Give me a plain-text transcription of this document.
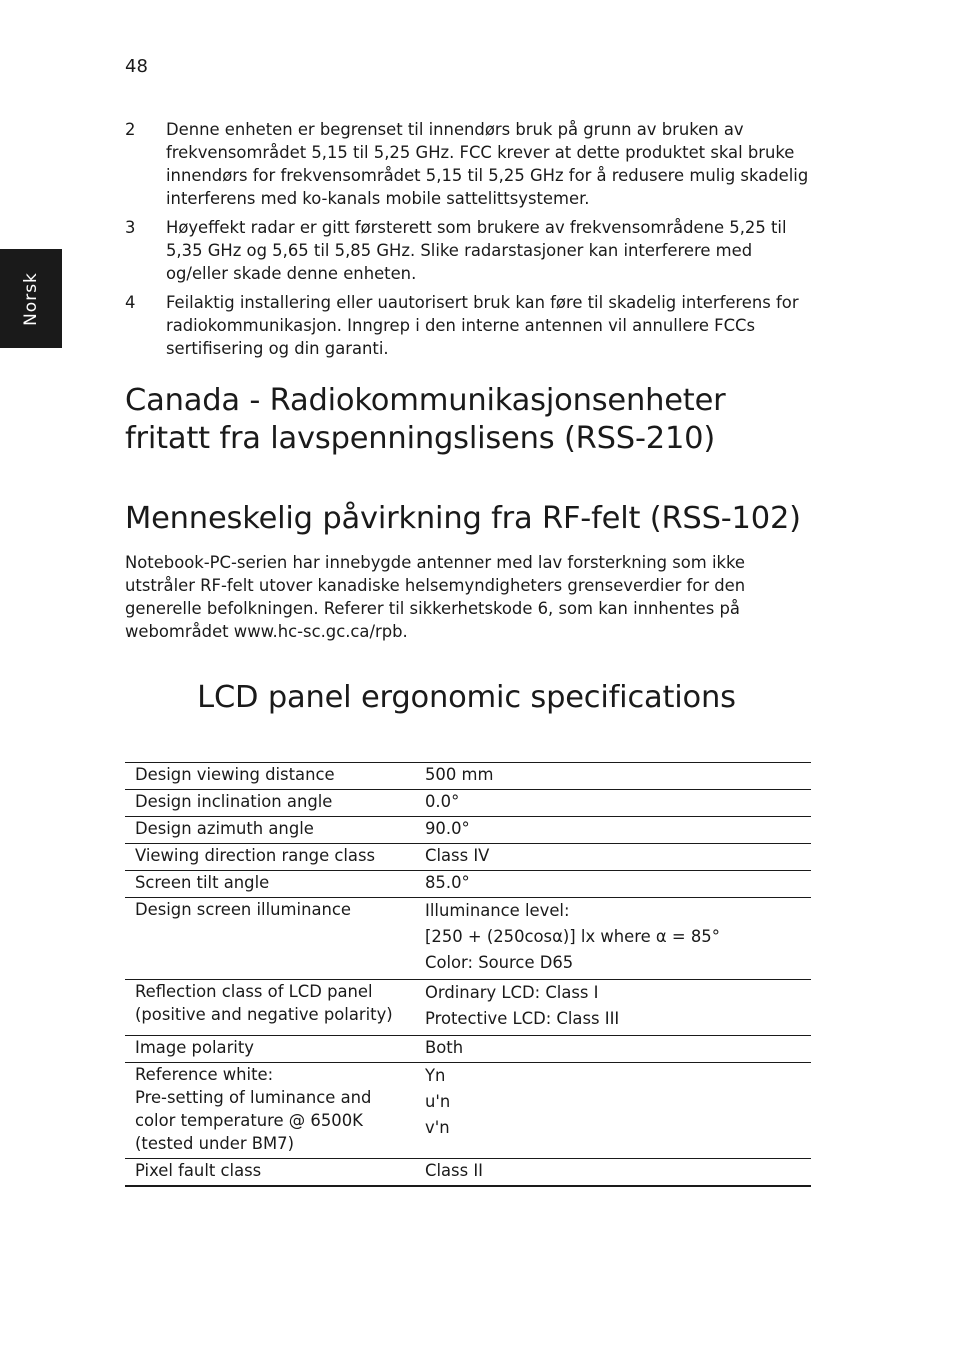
48
Norsk
2	Denne enheten er begrenset til innendørs bruk på grunn av bruken av frekvensområdet 5,15 til 5,25 GHz. FCC krever at dette produktet skal bruke innendørs for frekvensområdet 5,15 til 5,25 GHz for å redusere mulig skadelig interferens med ko-kanals mobile sattelittsystemer.
3	Høyeffekt radar er gitt førsterett som brukere av frekvensområdene 5,25 til 5,35 GHz og 5,65 til 5,85 GHz. Slike radarstasjoner kan interferere med og/eller skade denne enheten.
4	Feilaktig installering eller uautorisert bruk kan føre til skadelig interferens for radiokommunikasjon. Inngrep i den interne antennen vil annullere FCCs sertifisering og din garanti.
Canada - Radiokommunikasjonsenheter
fritatt fra lavspenningslisens (RSS-210)
Menneskelig påvirkning fra RF-felt (RSS-102)

Notebook-PC-serien har innebygde antenner med lav forsterkning som ikke utstråler RF-felt utover kanadiske helsemyndigheters grenseverdier for den generelle befolkningen. Referer til sikkerhetskode 6, som kan innhentes på webområdet www.hc-sc.gc.ca/rpb.

LCD panel ergonomic specifications
Design viewing distance	500 mm

Design inclination angle	0.0°

Design azimuth angle	90.0°

Viewing direction range class	Class IV

Screen tilt angle	85.0°

Design screen illuminance	Illuminance level:
[250 + (250cosα)] lx where α = 85°
Color: Source D65

Reflection class of LCD panel
(positive and negative polarity)	Ordinary LCD: Class I
Protective LCD: Class III

Image polarity	Both

Reference white:
Pre-setting of luminance and
color temperature @ 6500K
(tested under BM7)	Yn
u'n
v'n

Pixel fault class	Class II
